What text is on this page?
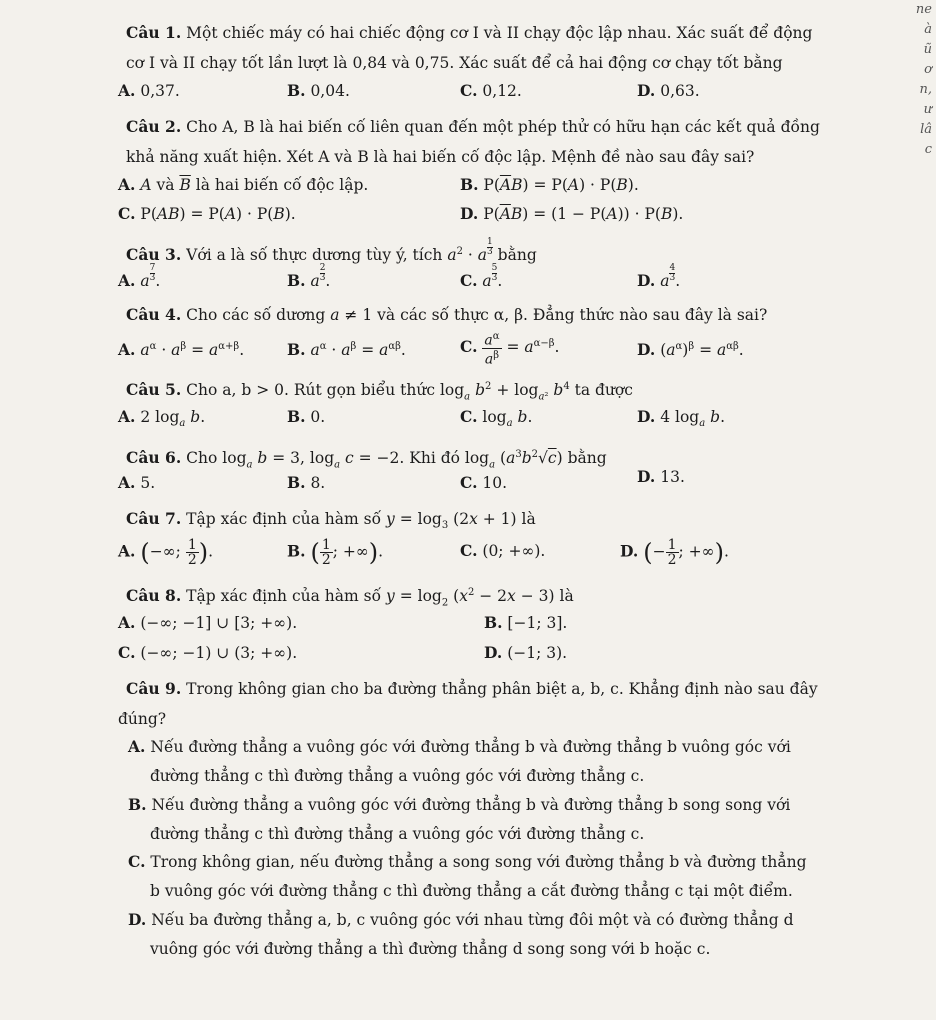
ne
à
ũ
ơ
n,
ư
lâ
c
Câu 1. Một chiếc máy có hai chiếc động cơ I và II chạy độc lập nhau. Xác suất để động
cơ I và II chạy tốt lần lượt là 0,84 và 0,75. Xác suất để cả hai động cơ chạy tốt bằng
A. 0,37.	B. 0,04.	C. 0,12.	D. 0,63.
Câu 2. Cho A, B là hai biến cố liên quan đến một phép thử có hữu hạn các kết quả đồng
khả năng xuất hiện. Xét A và B là hai biến cố độc lập. Mệnh đề nào sau đây sai?
A. A và $\overline{B}$ là hai biến cố độc lập.	B. $P(\overline{A}B) = P(A) \cdot P(B)$.
C. P(AB) = P(A) · P(B).	D. $P(\overline{A}B) = (1 - P(A)) \cdot P(B)$.
Câu 3. Với a là số thực dương tùy ý, tích $a^2 \cdot a \frac{1}{3}$ bằng
A. a $\frac{7}{3}$ .	B. a $\frac{2}{3}$ .	C. a $\frac{5}{3}$ .	D. a $\frac{4}{3}$ .
Câu 4. Cho các số dương a ≠ 1 và các số thực α, β. Đẳng thức nào sau đây là sai?
A. $a^\alpha \cdot a^\beta = a^{\alpha+\beta}$.	B. $a^\alpha \cdot a^\beta = a^{\alpha\beta}$.	C. $\frac{a^\alpha}{a^\beta} = a^{\alpha-\beta}$.	D. $(a^\alpha)^\beta = a^{\alpha\beta}$.
Câu 5. Cho a, b > 0. Rút gọn biểu thức $\log_a b^2 + \log_{a^2} b^4$ ta được
A. 2 $\log_a b$.	B. 0.	C. $\log_a b$.	D. 4 $\log_a b$.
Câu 6. Cho $\log_a b = 3$, $\log_a c = -2$. Khi đó $\log_a (a^3b^2√c)$ bằng
A. 5.	B. 8.	C. 10.	D. 13.
Câu 7. Tập xác định của hàm số $y = \log_3 (2x + 1)$ là
A. (−∞; $\frac{1}{2}$ ).	B. ( $\frac{1}{2}$ ; +∞).	C. (0; +∞).	D. (− $\frac{1}{2}$ ; +∞).
Câu 8. Tập xác định của hàm số $y = \log_2 (x^2 - 2x - 3)$ là
A. (−∞; −1] ∪ [3; +∞).	B. [−1; 3].
C. (−∞; −1) ∪ (3; +∞).	D. (−1; 3).
Câu 9. Trong không gian cho ba đường thẳng phân biệt a, b, c. Khẳng định nào sau đây
đúng?
A. Nếu đường thẳng a vuông góc với đường thẳng b và đường thẳng b vuông góc với
đường thẳng c thì đường thẳng a vuông góc với đường thẳng c.
B. Nếu đường thẳng a vuông góc với đường thẳng b và đường thẳng b song song với
đường thẳng c thì đường thẳng a vuông góc với đường thẳng c.
C. Trong không gian, nếu đường thẳng a song song với đường thẳng b và đường thẳng
b vuông góc với đường thẳng c thì đường thẳng a cắt đường thẳng c tại một điểm.
D. Nếu ba đường thẳng a, b, c vuông góc với nhau từng đôi một và có đường thẳng d
vuông góc với đường thẳng a thì đường thẳng d song song với b hoặc c.
